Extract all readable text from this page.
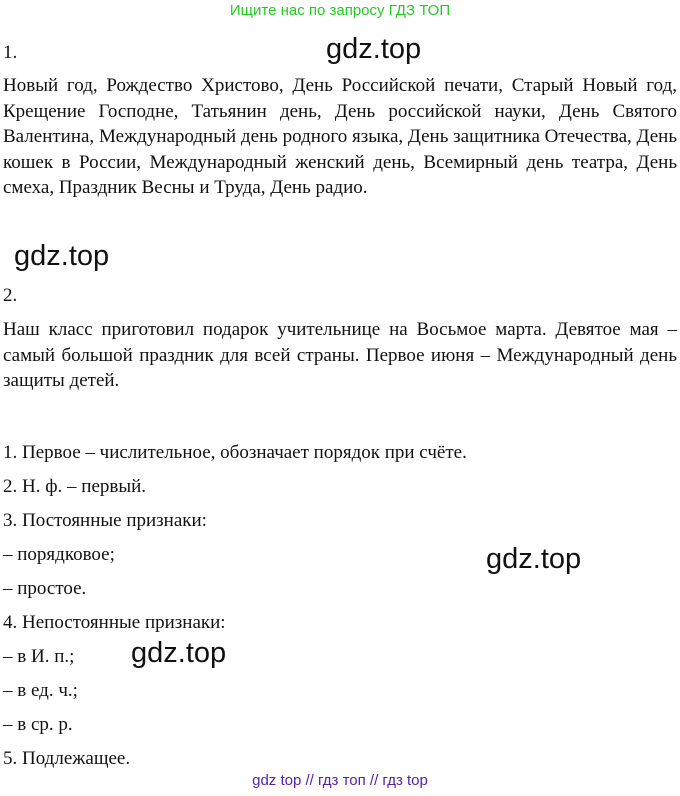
Ищите нас по запросу ГДЗ ТОП
gdz.top
gdz.top
gdz.top
gdz.top
1.

Новый год, Рождество Христово, День Российской печати, Старый Новый год, Крещение Господне, Татьянин день, День российской науки, День Святого Валентина, Международный день родного языка, День защитника Отечества, День кошек в России, Международный женский день, Всемирный день театра, День смеха, Праздник Весны и Труда, День радио.

2.

Наш класс приготовил подарок учительнице на Восьмое марта. Девятое мая – самый большой праздник для всей страны. Первое июня – Международный день защиты детей.

1. Первое – числительное, обозначает порядок при счёте.
2. Н. ф. – первый.
3. Постоянные признаки:
– порядковое;
– простое.
4. Непостоянные признаки:
– в И. п.;
– в ед. ч.;
– в ср. р.
5. Подлежащее.
gdz top // гдз топ // гдз top
